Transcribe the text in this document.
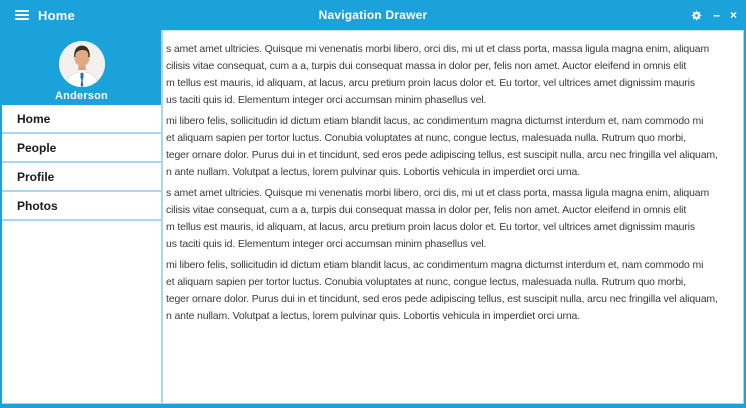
Home	Navigation Drawer	– ×
Anderson
Home
People
Profile
Photos
s amet amet ultricies. Quisque mi venenatis morbi libero, orci dis, mi ut et class porta, massa ligula magna enim, aliquam
cilisis vitae consequat, cum a a, turpis dui consequat massa in dolor per, felis non amet. Auctor eleifend in omnis elit
m tellus est mauris, id aliquam, at lacus, arcu pretium proin lacus dolor et. Eu tortor, vel ultrices amet dignissim mauris
us taciti quis id. Elementum integer orci accumsan minim phasellus vel.
mi libero felis, sollicitudin id dictum etiam blandit lacus, ac condimentum magna dictumst interdum et, nam commodo mi
et aliquam sapien per tortor luctus. Conubia voluptates at nunc, congue lectus, malesuada nulla. Rutrum quo morbi,
teger ornare dolor. Purus dui in et tincidunt, sed eros pede adipiscing tellus, est suscipit nulla, arcu nec fringilla vel aliquam,
n ante nullam. Volutpat a lectus, lorem pulvinar quis. Lobortis vehicula in imperdiet orci urna.
s amet amet ultricies. Quisque mi venenatis morbi libero, orci dis, mi ut et class porta, massa ligula magna enim, aliquam
cilisis vitae consequat, cum a a, turpis dui consequat massa in dolor per, felis non amet. Auctor eleifend in omnis elit
m tellus est mauris, id aliquam, at lacus, arcu pretium proin lacus dolor et. Eu tortor, vel ultrices amet dignissim mauris
us taciti quis id. Elementum integer orci accumsan minim phasellus vel.
mi libero felis, sollicitudin id dictum etiam blandit lacus, ac condimentum magna dictumst interdum et, nam commodo mi
et aliquam sapien per tortor luctus. Conubia voluptates at nunc, congue lectus, malesuada nulla. Rutrum quo morbi,
teger ornare dolor. Purus dui in et tincidunt, sed eros pede adipiscing tellus, est suscipit nulla, arcu nec fringilla vel aliquam,
n ante nullam. Volutpat a lectus, lorem pulvinar quis. Lobortis vehicula in imperdiet orci urna.
